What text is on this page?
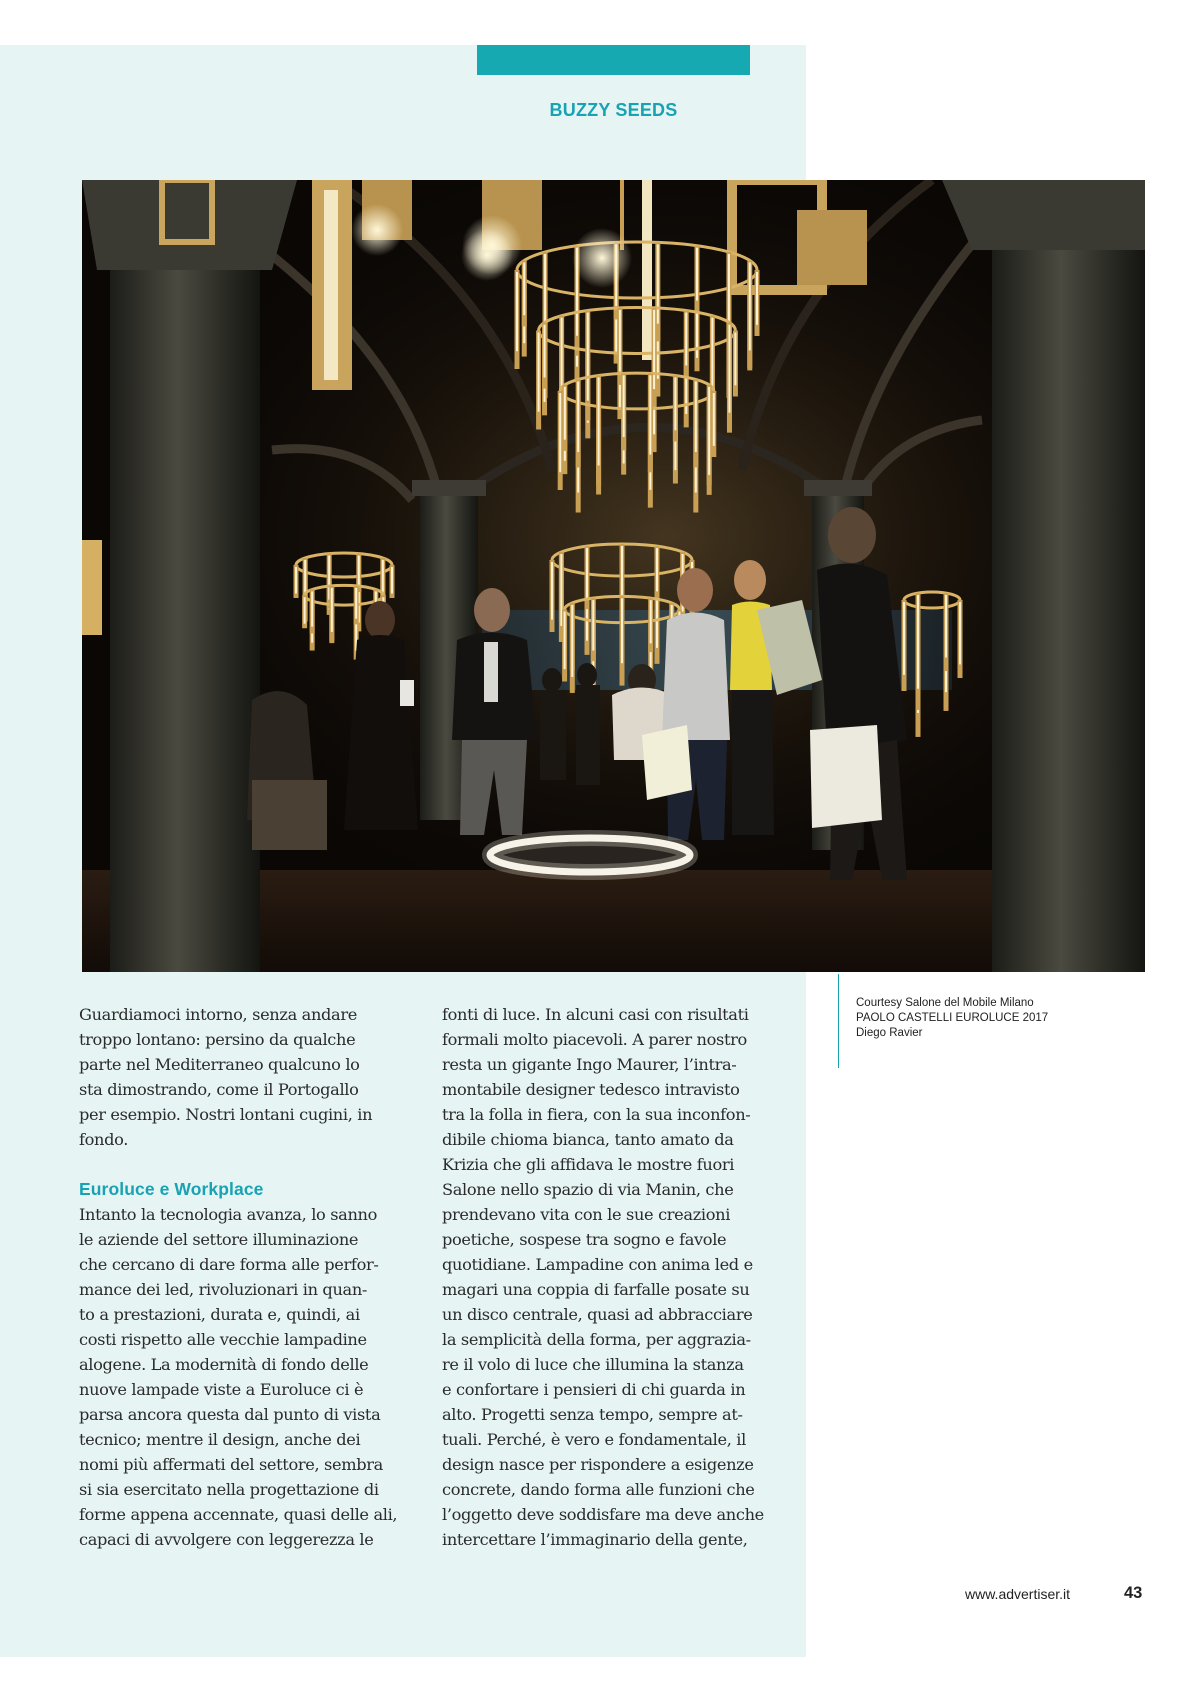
BUZZY SEEDS
Courtesy Salone del Mobile Milano
PAOLO CASTELLI EUROLUCE 2017
Diego Ravier
Guardiamoci intorno, senza andare
troppo lontano: persino da qualche
parte nel Mediterraneo qualcuno lo
sta dimostrando, come il Portogallo
per esempio. Nostri lontani cugini, in
fondo.
Euroluce e Workplace
Intanto la tecnologia avanza, lo sanno
le aziende del settore illuminazione
che cercano di dare forma alle perfor-
mance dei led, rivoluzionari in quan-
to a prestazioni, durata e, quindi, ai
costi rispetto alle vecchie lampadine
alogene. La modernità di fondo delle
nuove lampade viste a Euroluce ci è
parsa ancora questa dal punto di vista
tecnico; mentre il design, anche dei
nomi più affermati del settore, sembra
si sia esercitato nella progettazione di
forme appena accennate, quasi delle ali,
capaci di avvolgere con leggerezza le
fonti di luce. In alcuni casi con risultati
formali molto piacevoli. A parer nostro
resta un gigante Ingo Maurer, l’intra-
montabile designer tedesco intravisto
tra la folla in fiera, con la sua inconfon-
dibile chioma bianca, tanto amato da
Krizia che gli affidava le mostre fuori
Salone nello spazio di via Manin, che
prendevano vita con le sue creazioni
poetiche, sospese tra sogno e favole
quotidiane. Lampadine con anima led e
magari una coppia di farfalle posate su
un disco centrale, quasi ad abbracciare
la semplicità della forma, per aggrazia-
re il volo di luce che illumina la stanza
e confortare i pensieri di chi guarda in
alto. Progetti senza tempo, sempre at-
tuali. Perché, è vero e fondamentale, il
design nasce per rispondere a esigenze
concrete, dando forma alle funzioni che
l’oggetto deve soddisfare ma deve anche
intercettare l’immaginario della gente,
www.advertiser.it	43
